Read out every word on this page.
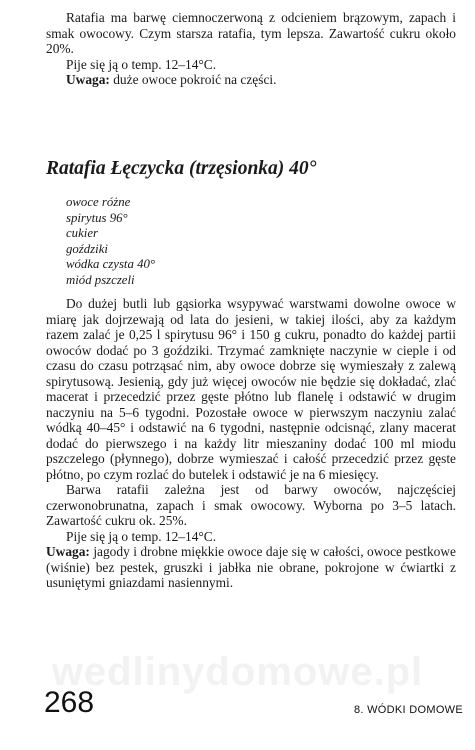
Ratafia ma barwę ciemnoczerwoną z odcieniem brązowym, zapach i smak owocowy. Czym starsza ratafia, tym lepsza. Zawartość cukru około 20%.

Pije się ją o temp. 12–14°C.

Uwaga: duże owoce pokroić na części.

Ratafia Łęczycka (trzęsionka) 40°
owoce różne
spirytus 96°
cukier
goździki
wódka czysta 40°
miód pszczeli

Do dużej butli lub gąsiorka wsypywać warstwami dowolne owoce w miarę jak dojrzewają od lata do jesieni, w takiej ilości, aby za każdym razem zalać je 0,25 l spirytusu 96° i 150 g cukru, ponadto do każdej partii owoców dodać po 3 goździki. Trzymać zamknięte naczynie w cieple i od czasu do czasu potrząsać nim, aby owoce dobrze się wymieszały z zalewą spirytusową. Jesienią, gdy już więcej owoców nie będzie się dokładać, zlać macerat i przecedzić przez gęste płótno lub flanelę i odstawić w drugim naczyniu na 5–6 tygodni. Pozostałe owoce w pierwszym naczyniu zalać wódką 40–45° i odstawić na 6 tygodni, następnie odcisnąć, zlany macerat dodać do pierwszego i na każdy litr mieszaniny dodać 100 ml miodu pszczelego (płynnego), dobrze wymieszać i całość przecedzić przez gęste płótno, po czym rozlać do butelek i odstawić je na 6 miesięcy.

Barwa ratafii zależna jest od barwy owoców, najczęściej czerwonobrunatna, zapach i smak owocowy. Wyborna po 3–5 latach. Zawartość cukru ok. 25%.

Pije się ją o temp. 12–14°C.

Uwaga: jagody i drobne miękkie owoce daje się w całości, owoce pestkowe (wiśnie) bez pestek, gruszki i jabłka nie obrane, pokrojone w ćwiartki z usuniętymi gniazdami nasiennymi.

wedlinydomowe.pl
268	8. WÓDKI DOMOWE
